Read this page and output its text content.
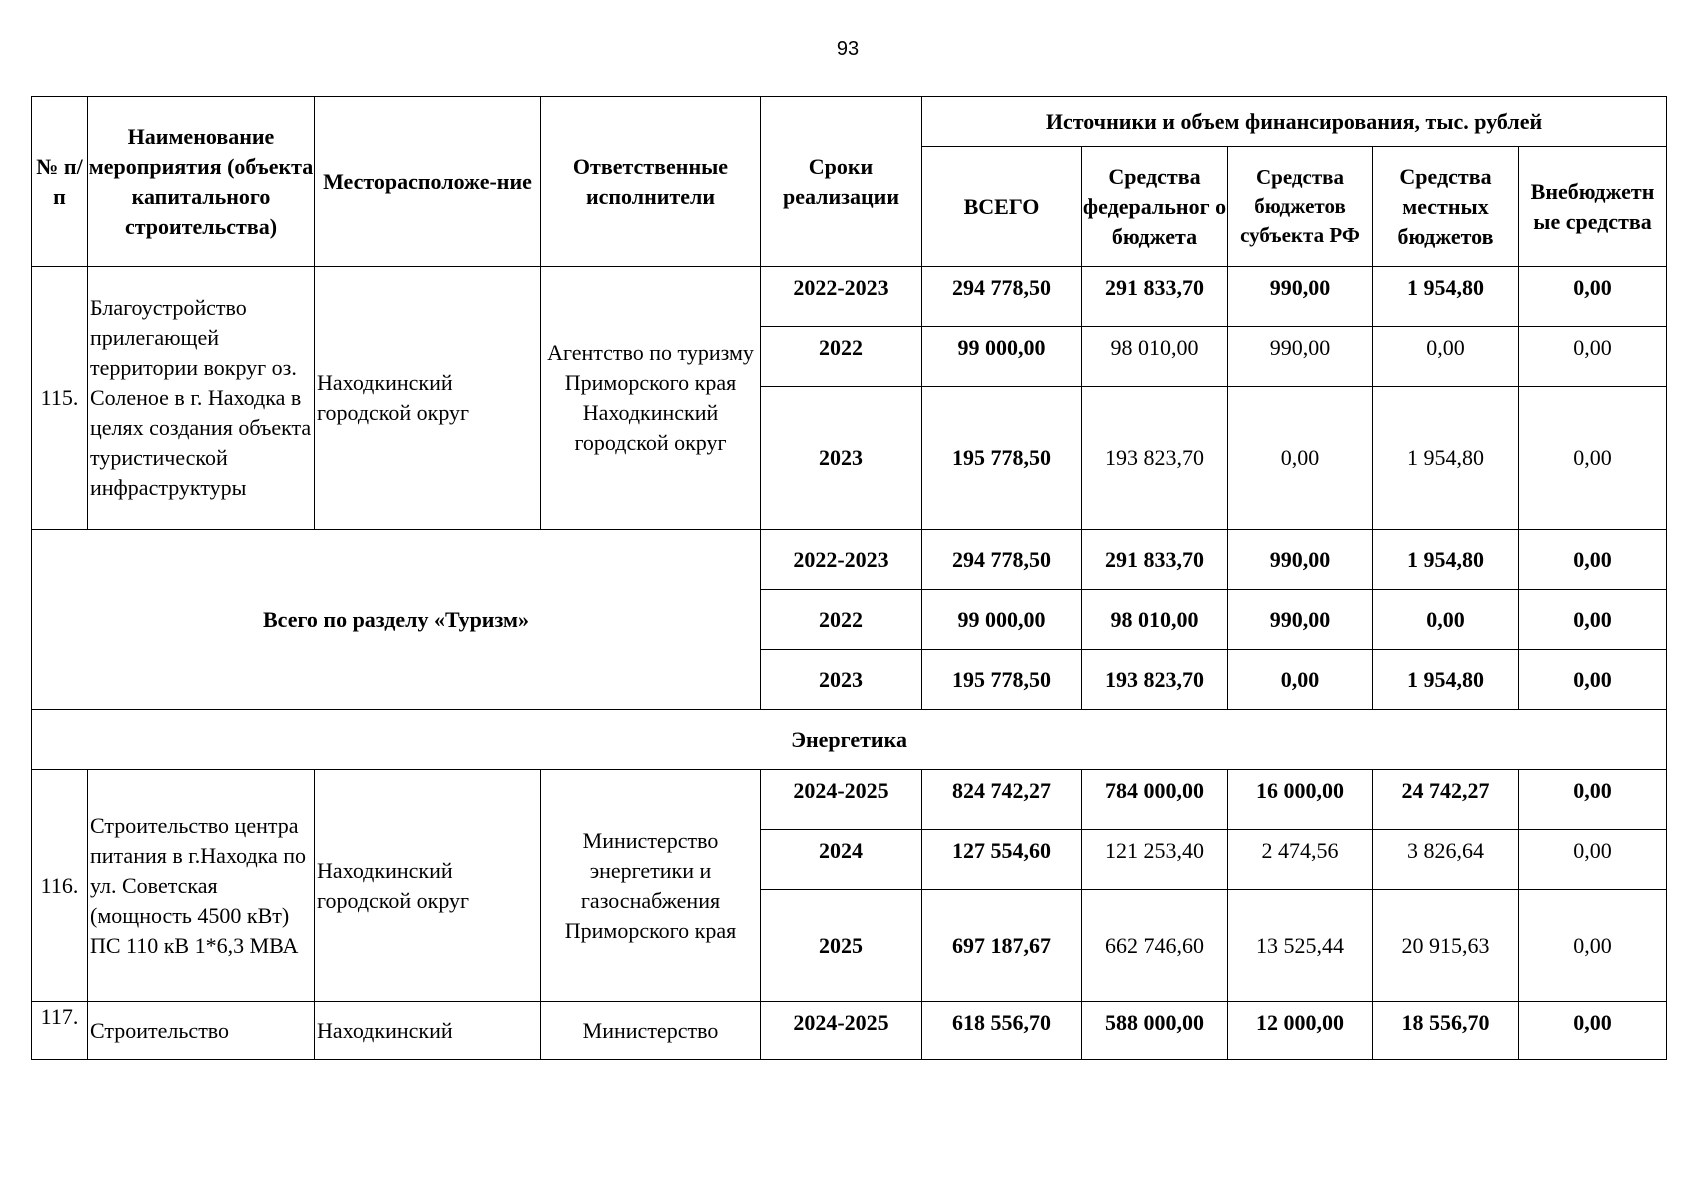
93
№ п/п	Наименование мероприятия (объекта капитального строительства)	Месторасположе-ние	Ответственные исполнители	Сроки реализации	Источники и объем финансирования, тыс. рублей				
					ВСЕГО	Средства федеральног о бюджета	Средства бюджетов субъекта РФ	Средства местных бюджетов	Внебюджетн ые средства
115.	Благоустройство прилегающей территории вокруг оз. Соленое в г. Находка в целях создания объекта туристической инфраструктуры	Находкинский городской округ	Агентство по туризму Приморского края Находкинский городской округ	2022-2023	294 778,50	291 833,70	990,00	1 954,80	0,00
				2022	99 000,00	98 010,00	990,00	0,00	0,00
				2023	195 778,50	193 823,70	0,00	1 954,80	0,00
Всего по разделу «Туризм»				2022-2023	294 778,50	291 833,70	990,00	1 954,80	0,00
				2022	99 000,00	98 010,00	990,00	0,00	0,00
				2023	195 778,50	193 823,70	0,00	1 954,80	0,00
Энергетика									
116.	Строительство центра питания в г.Находка по ул. Советская (мощность 4500 кВт) ПС 110 кВ 1*6,3 МВА	Находкинский городской округ	Министерство энергетики и газоснабжения Приморского края	2024-2025	824 742,27	784 000,00	16 000,00	24 742,27	0,00
				2024	127 554,60	121 253,40	2 474,56	3 826,64	0,00
				2025	697 187,67	662 746,60	13 525,44	20 915,63	0,00
117.	Строительство	Находкинский	Министерство	2024-2025	618 556,70	588 000,00	12 000,00	18 556,70	0,00
